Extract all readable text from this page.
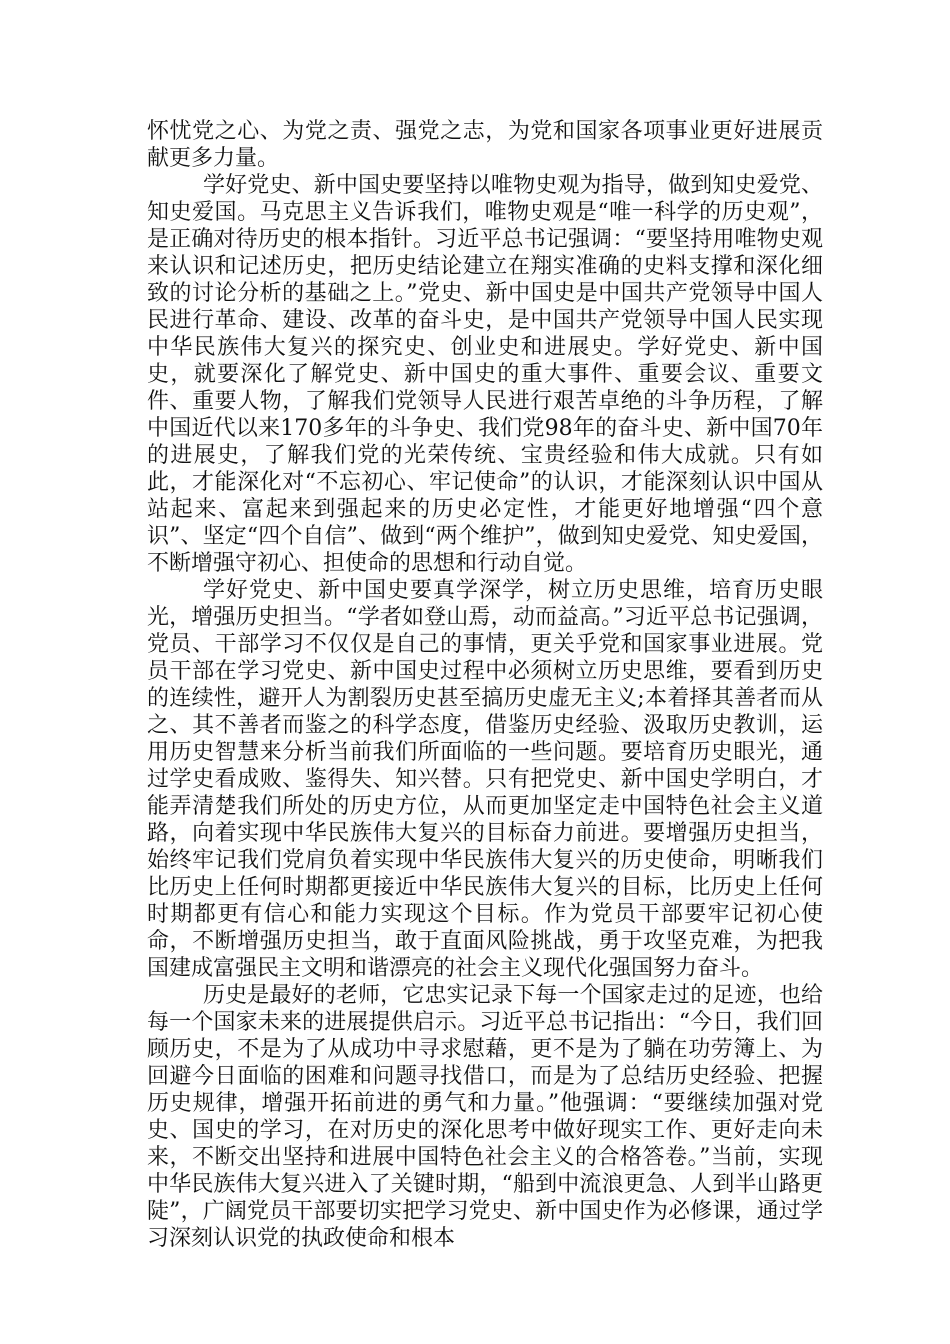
怀忧党之心、为党之责、强党之志，为党和国家各项事业更好进展贡献更多力量。

学好党史、新中国史要坚持以唯物史观为指导，做到知史爱党、知史爱国。马克思主义告诉我们，唯物史观是“唯一科学的历史观”，是正确对待历史的根本指针。习近平总书记强调：“要坚持用唯物史观来认识和记述历史，把历史结论建立在翔实准确的史料支撑和深化细致的讨论分析的基础之上。”党史、新中国史是中国共产党领导中国人民进行革命、建设、改革的奋斗史，是中国共产党领导中国人民实现中华民族伟大复兴的探究史、创业史和进展史。学好党史、新中国史，就要深化了解党史、新中国史的重大事件、重要会议、重要文件、重要人物，了解我们党领导人民进行艰苦卓绝的斗争历程，了解中国近代以来170多年的斗争史、我们党98年的奋斗史、新中国70年的进展史，了解我们党的光荣传统、宝贵经验和伟大成就。只有如此，才能深化对“不忘初心、牢记使命”的认识，才能深刻认识中国从站起来、富起来到强起来的历史必定性，才能更好地增强“四个意识”、坚定“四个自信”、做到“两个维护”，做到知史爱党、知史爱国，不断增强守初心、担使命的思想和行动自觉。

学好党史、新中国史要真学深学，树立历史思维，培育历史眼光，增强历史担当。“学者如登山焉，动而益高。”习近平总书记强调，党员、干部学习不仅仅是自己的事情，更关乎党和国家事业进展。党员干部在学习党史、新中国史过程中必须树立历史思维，要看到历史的连续性，避开人为割裂历史甚至搞历史虚无主义;本着择其善者而从之、其不善者而鉴之的科学态度，借鉴历史经验、汲取历史教训，运用历史智慧来分析当前我们所面临的一些问题。要培育历史眼光，通过学史看成败、鉴得失、知兴替。只有把党史、新中国史学明白，才能弄清楚我们所处的历史方位，从而更加坚定走中国特色社会主义道路，向着实现中华民族伟大复兴的目标奋力前进。要增强历史担当，始终牢记我们党肩负着实现中华民族伟大复兴的历史使命，明晰我们比历史上任何时期都更接近中华民族伟大复兴的目标，比历史上任何时期都更有信心和能力实现这个目标。作为党员干部要牢记初心使命，不断增强历史担当，敢于直面风险挑战，勇于攻坚克难，为把我国建成富强民主文明和谐漂亮的社会主义现代化强国努力奋斗。

历史是最好的老师，它忠实记录下每一个国家走过的足迹，也给每一个国家未来的进展提供启示。习近平总书记指出：“今日，我们回顾历史，不是为了从成功中寻求慰藉，更不是为了躺在功劳簿上、为回避今日面临的困难和问题寻找借口，而是为了总结历史经验、把握历史规律，增强开拓前进的勇气和力量。”他强调：“要继续加强对党史、国史的学习，在对历史的深化思考中做好现实工作、更好走向未来，不断交出坚持和进展中国特色社会主义的合格答卷。”当前，实现中华民族伟大复兴进入了关键时期，“船到中流浪更急、人到半山路更陡”，广阔党员干部要切实把学习党史、新中国史作为必修课，通过学习深刻认识党的执政使命和根本
